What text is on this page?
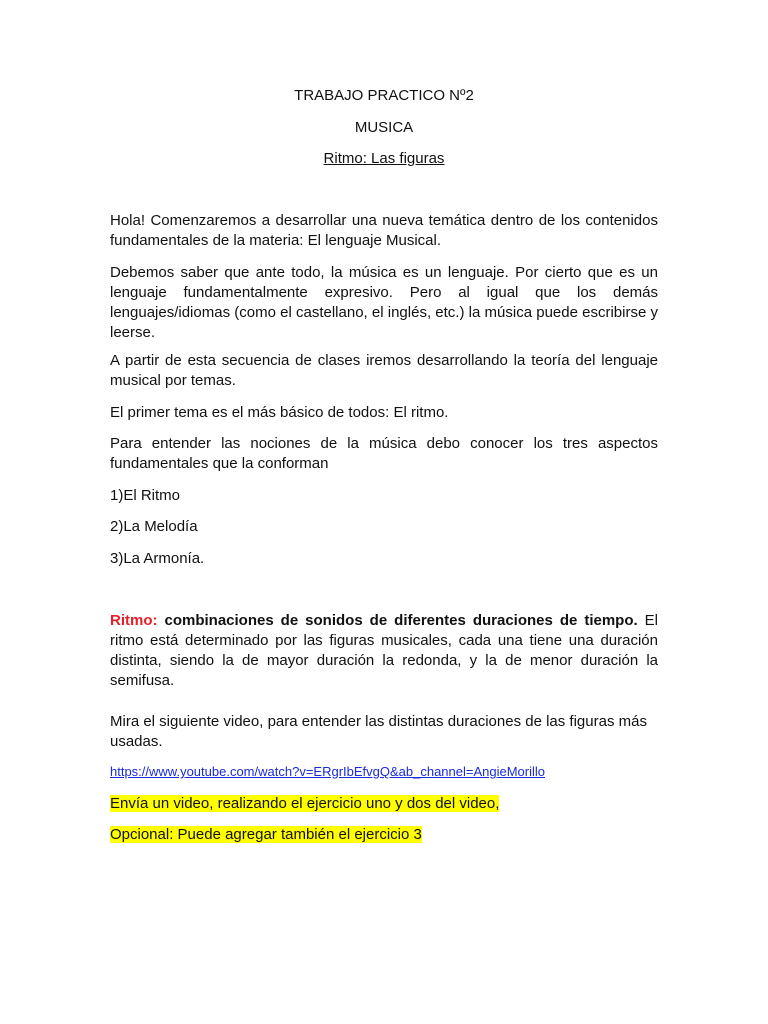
TRABAJO PRACTICO Nº2
MUSICA
Ritmo: Las figuras

Hola! Comenzaremos a desarrollar una nueva temática dentro de los contenidos fundamentales de la materia: El lenguaje Musical.

Debemos saber que ante todo, la música es un lenguaje. Por cierto que es un lenguaje fundamentalmente expresivo. Pero al igual que los demás lenguajes/idiomas (como el castellano, el inglés, etc.) la música puede escribirse y leerse.

A partir de esta secuencia de clases iremos desarrollando la teoría del lenguaje musical por temas.

El primer tema es el más básico de todos: El ritmo.

Para entender las nociones de la música debo conocer los tres aspectos fundamentales que la conforman

1)El Ritmo

2)La Melodía

3)La Armonía.

Ritmo: combinaciones de sonidos de diferentes duraciones de tiempo. El ritmo está determinado por las figuras musicales, cada una tiene una duración distinta, siendo la de mayor duración la redonda, y la de menor duración la semifusa.

Mira el siguiente video, para entender las distintas duraciones de las figuras más usadas.

https://www.youtube.com/watch?v=ERgrIbEfvgQ&ab_channel=AngieMorillo

Envía un video, realizando el ejercicio uno y dos del video,

Opcional: Puede agregar también el ejercicio 3
